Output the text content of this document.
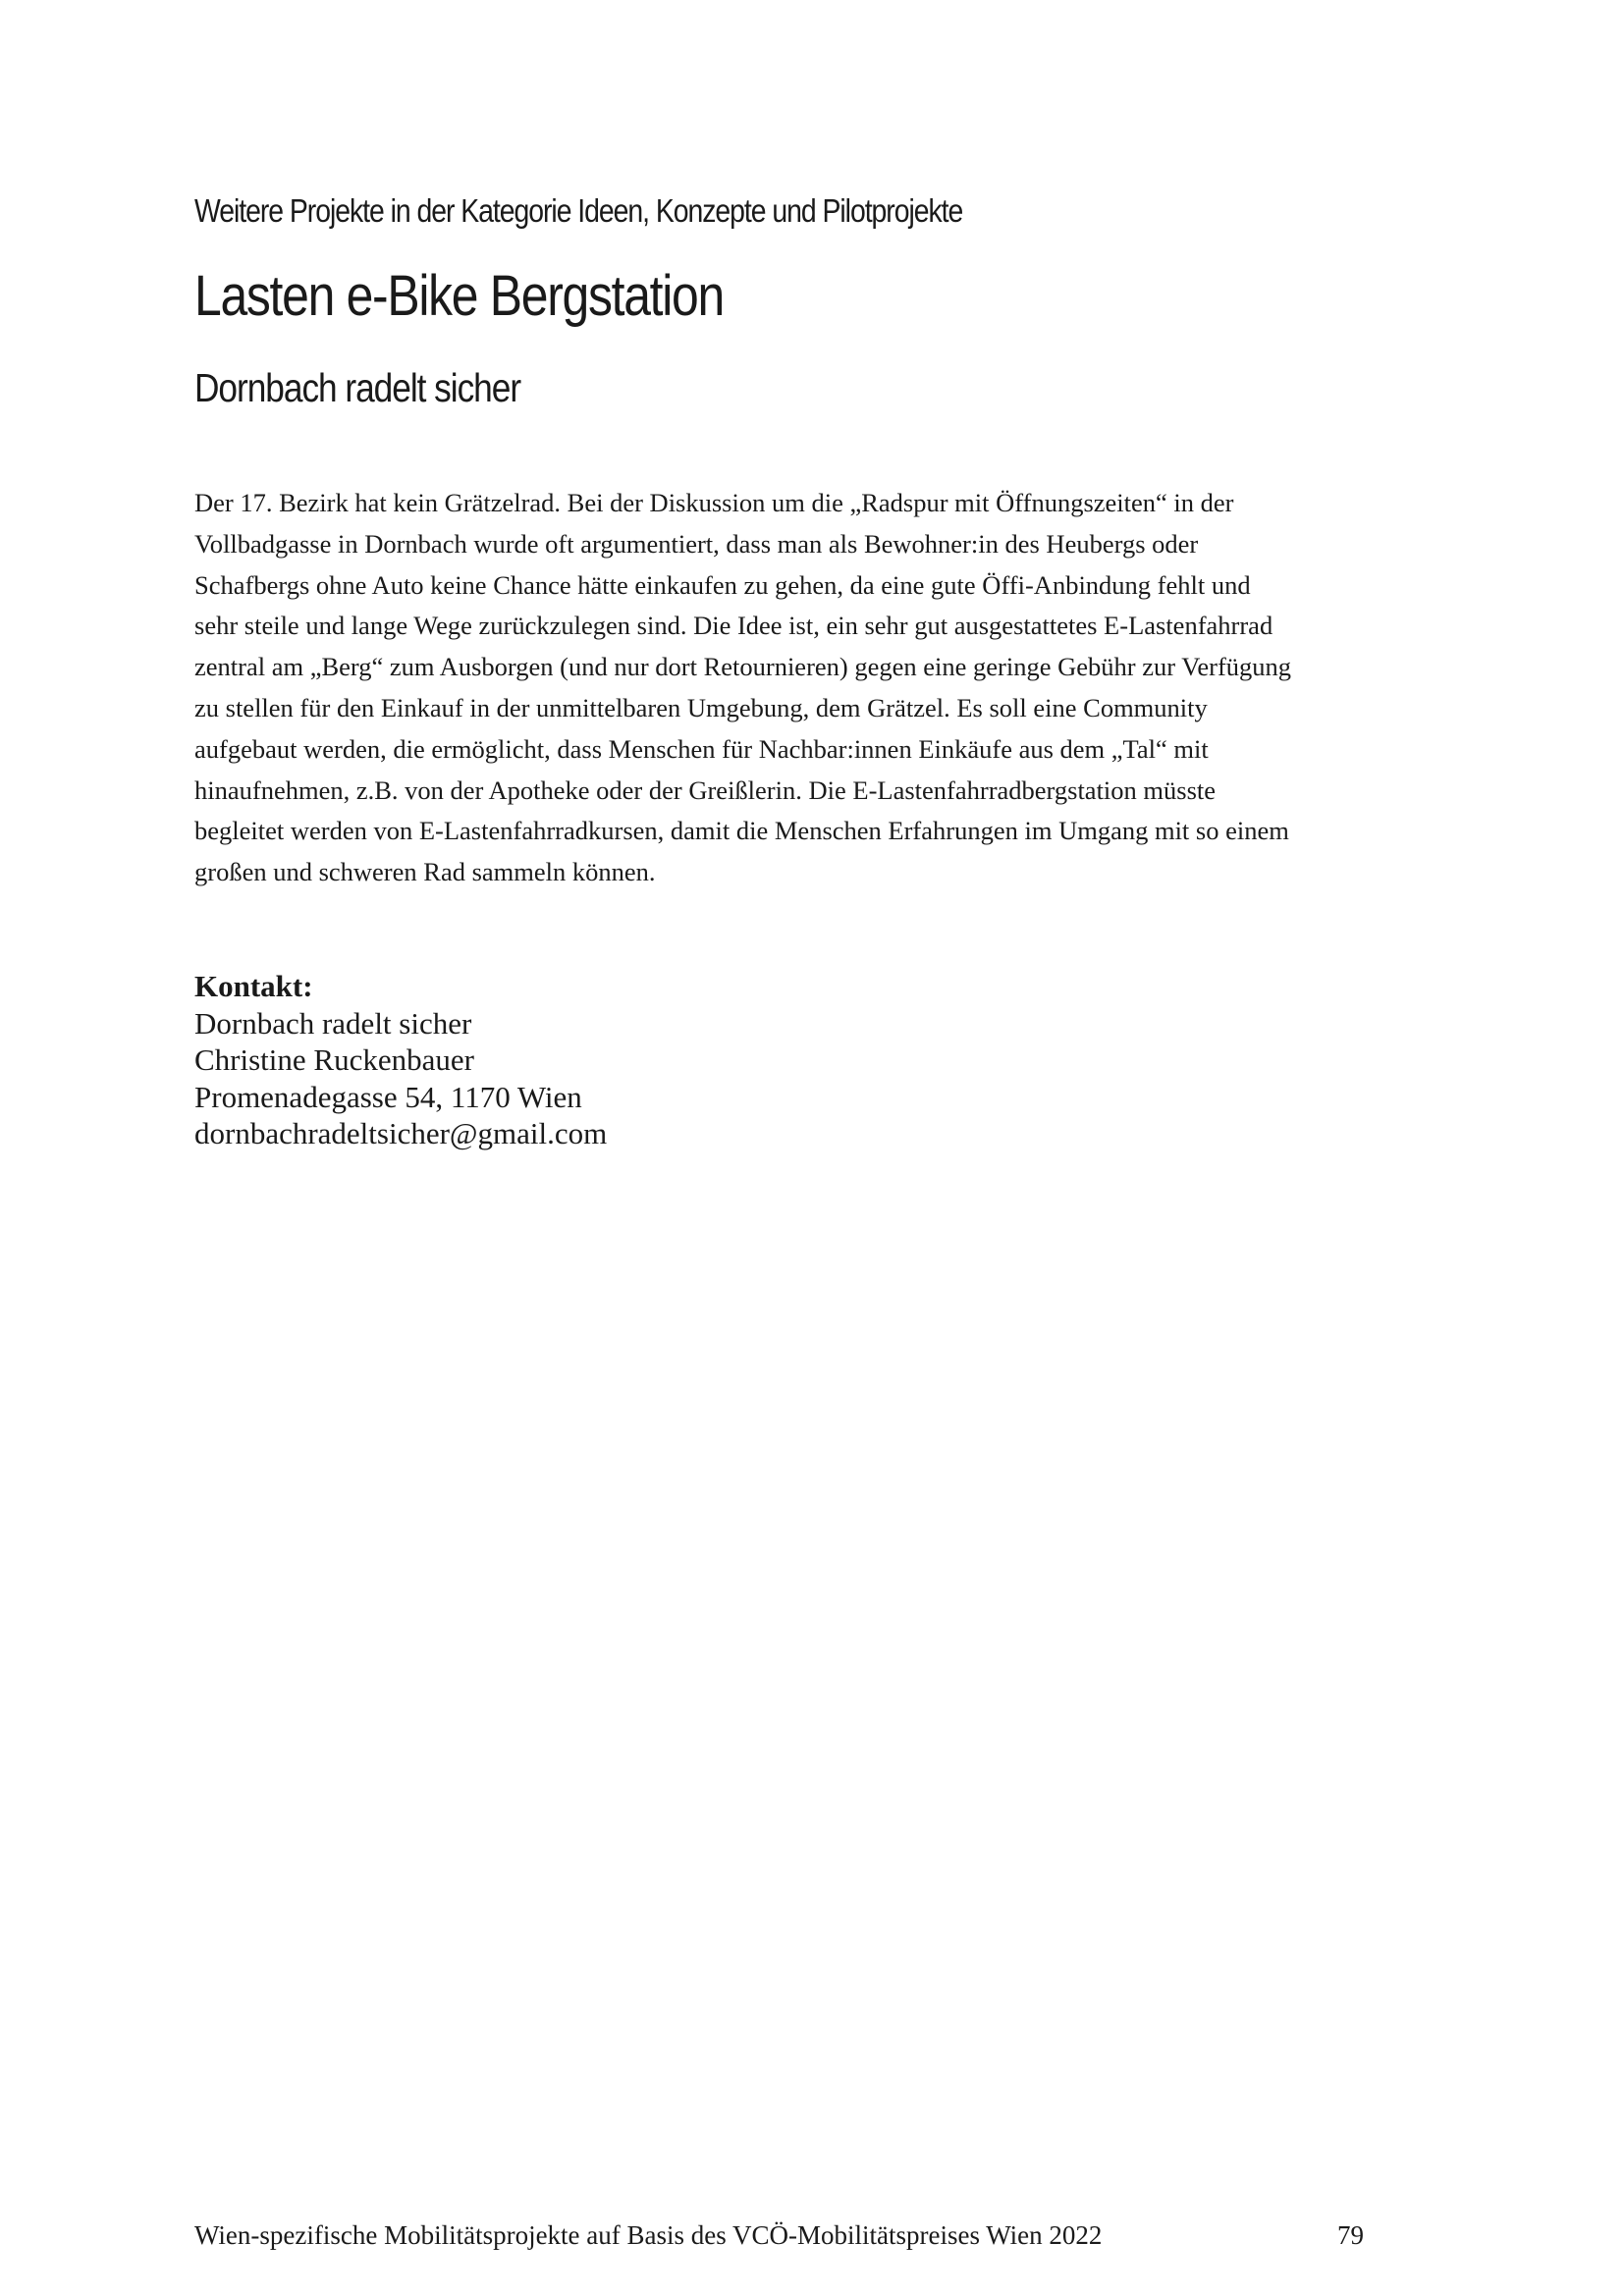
Weitere Projekte in der Kategorie Ideen, Konzepte und Pilotprojekte
Lasten e-Bike Bergstation
Dornbach radelt sicher

Der 17. Bezirk hat kein Grätzelrad. Bei der Diskussion um die „Radspur mit Öffnungszeiten“ in der
Vollbadgasse in Dornbach wurde oft argumentiert, dass man als Bewohner:in des Heubergs oder
Schafbergs ohne Auto keine Chance hätte einkaufen zu gehen, da eine gute Öffi-Anbindung fehlt und
sehr steile und lange Wege zurückzulegen sind. Die Idee ist, ein sehr gut ausgestattetes E-Lastenfahrrad
zentral am „Berg“ zum Ausborgen (und nur dort Retournieren) gegen eine geringe Gebühr zur Verfügung
zu stellen für den Einkauf in der unmittelbaren Umgebung, dem Grätzel. Es soll eine Community
aufgebaut werden, die ermöglicht, dass Menschen für Nachbar:innen Einkäufe aus dem „Tal“ mit
hinaufnehmen, z.B. von der Apotheke oder der Greißlerin. Die E-Lastenfahrradbergstation müsste
begleitet werden von E-Lastenfahrradkursen, damit die Menschen Erfahrungen im Umgang mit so einem
großen und schweren Rad sammeln können.

Kontakt:
Dornbach radelt sicher
Christine Ruckenbauer
Promenadegasse 54, 1170 Wien
dornbachradeltsicher@gmail.com
Wien-spezifische Mobilitätsprojekte auf Basis des VCÖ-Mobilitätspreises Wien 2022	79
